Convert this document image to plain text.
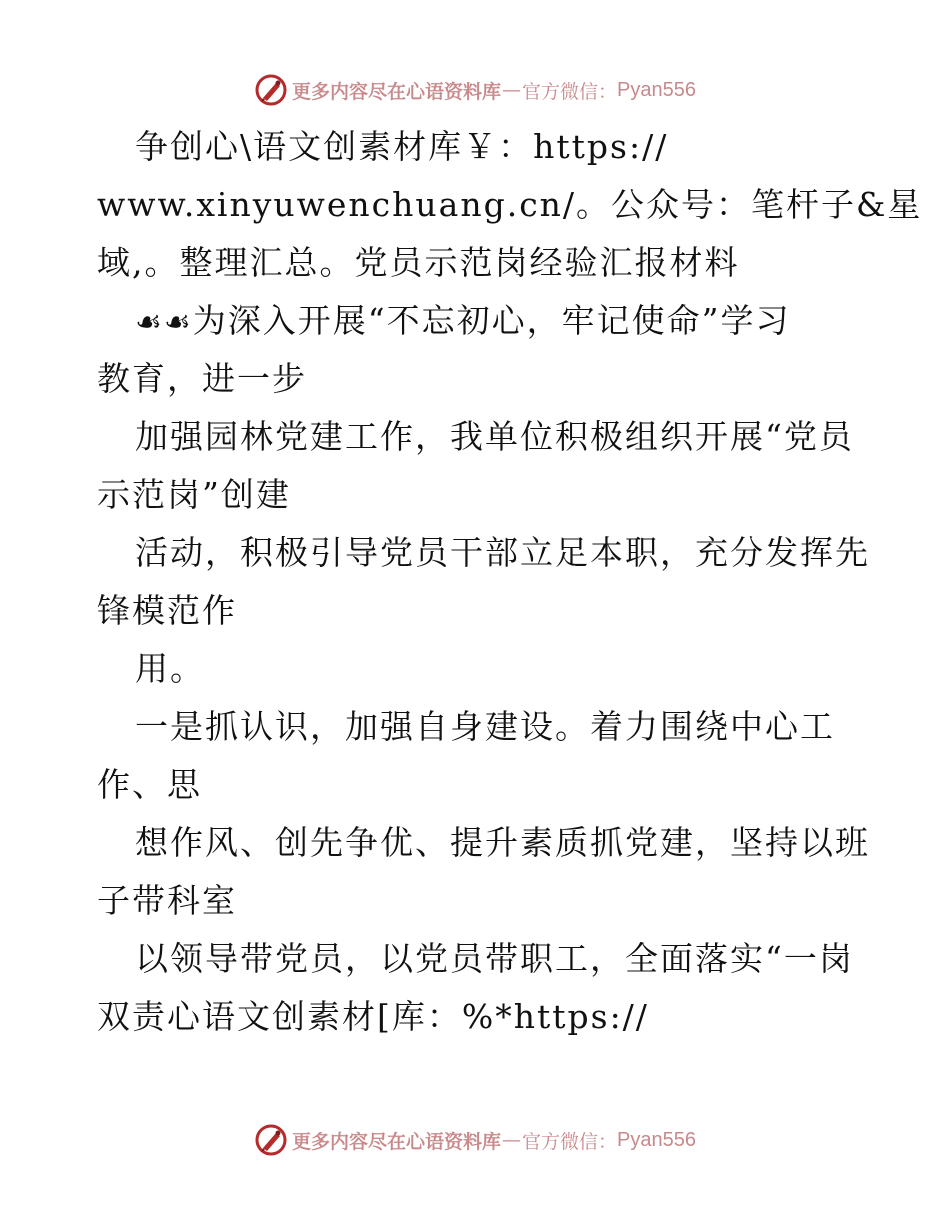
更多内容尽在心语资料库 — 官方微信： Pyan556
争创心\语文创素材库￥：https://
www.xinyuwenchuang.cn/。公众号：笔杆子&星
域,。整理汇总。党员示范岗经验汇报材料
☙☙为深入开展“不忘初心，牢记使命”学习
教育，进一步
加强园林党建工作，我单位积极组织开展“党员
示范岗”创建
活动，积极引导党员干部立足本职，充分发挥先
锋模范作
用。
一是抓认识，加强自身建设。着力围绕中心工
作、思
想作风、创先争优、提升素质抓党建，坚持以班
子带科室
以领导带党员，以党员带职工，全面落实“一岗
双责心语文创素材[库：%*https://
更多内容尽在心语资料库 — 官方微信： Pyan556
